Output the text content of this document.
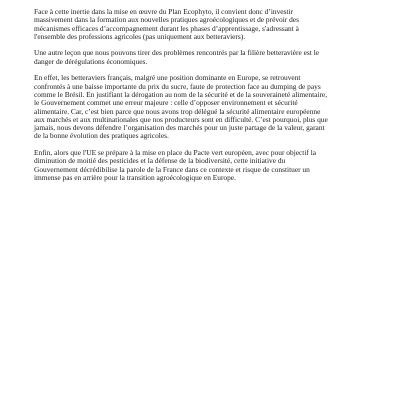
Face à cette inertie dans la mise en œuvre du Plan Ecophyto, il convient donc d’investir
massivement dans la formation aux nouvelles pratiques agroécologiques et de prévoir des
mécanismes efficaces d’accompagnement durant les phases d’apprentissage, s'adressant à
l'ensemble des professions agricoles (pas uniquement aux betteraviers).

Une autre leçon que nous pouvons tirer des problèmes rencontrés par la filière betteravière est le
danger de dérégulations économiques.

En effet, les betteraviers français, malgré une position dominante en Europe, se retrouvent
confrontés à une baisse importante du prix du sucre, faute de protection face au dumping de pays
comme le Brésil. En justifiant la dérogation au nom de la sécurité et de la souveraineté alimentaire,
le Gouvernement commet une erreur majeure : celle d’opposer environnement et sécurité
alimentaire. Car, c’est bien parce que nous avons trop délégué la sécurité alimentaire européenne
aux marchés et aux multinationales que nos producteurs sont en difficulté. C’est pourquoi, plus que
jamais, nous devons défendre l’organisation des marchés pour un juste partage de la valeur, garant
de la bonne évolution des pratiques agricoles.

Enfin, alors que l'UE se prépare à la mise en place du Pacte vert européen, avec pour objectif la
diminution de moitié des pesticides et la défense de la biodiversité, cette initiative du
Gouvernement décrédibilise la parole de la France dans ce contexte et risque de constituer un
immense pas en arrière pour la transition agroécologique en Europe.
